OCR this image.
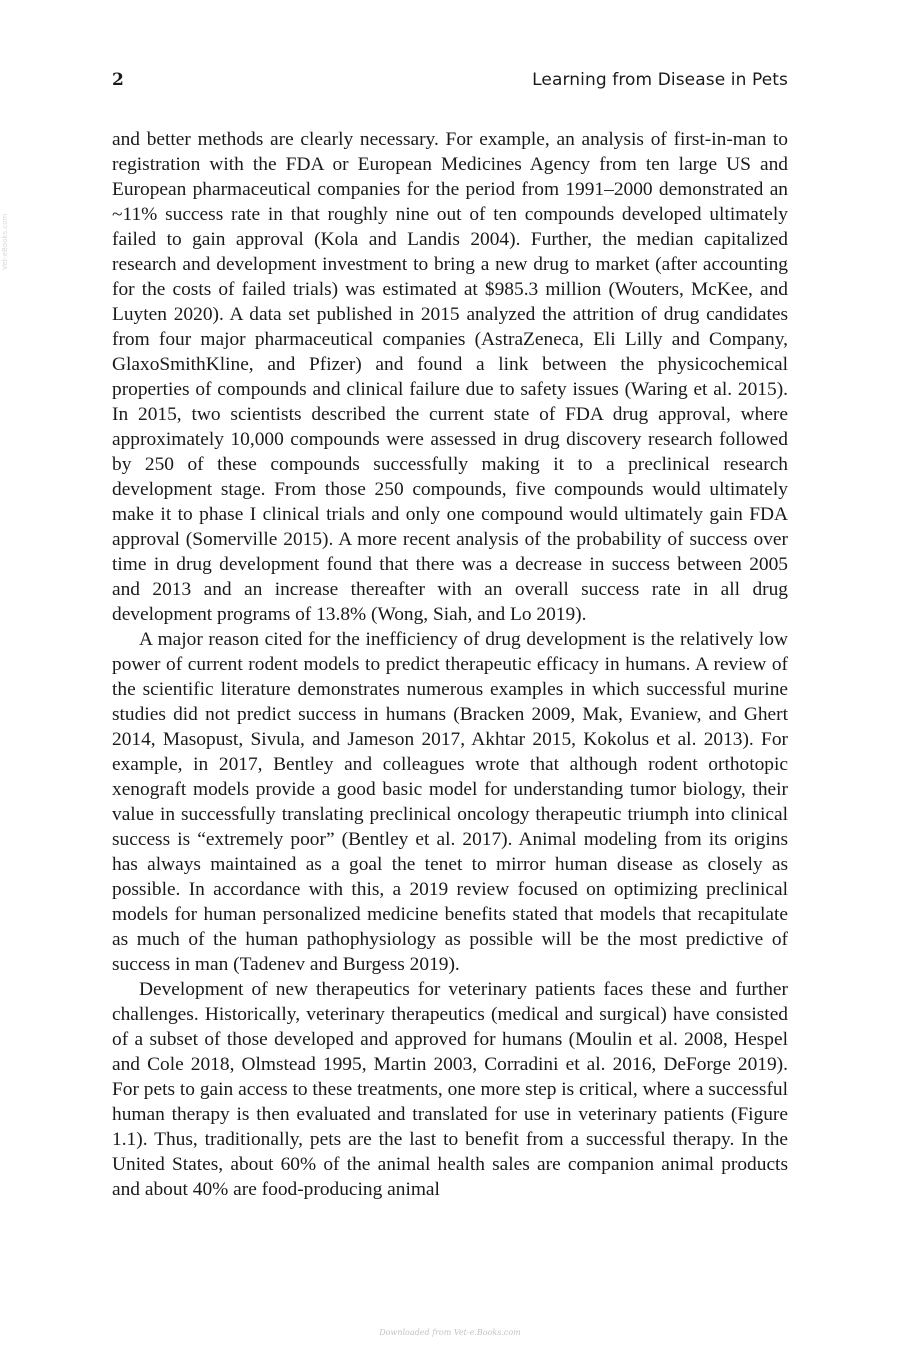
2	Learning from Disease in Pets
Vet-eBooks.com

and better methods are clearly necessary. For example, an analysis of first-in-man to registration with the FDA or European Medicines Agency from ten large US and European pharmaceutical companies for the period from 1991–2000 demonstrated an ~11% success rate in that roughly nine out of ten compounds developed ultimately failed to gain approval (Kola and Landis 2004). Further, the median capitalized research and development investment to bring a new drug to market (after accounting for the costs of failed trials) was estimated at $985.3 million (Wouters, McKee, and Luyten 2020). A data set published in 2015 analyzed the attrition of drug candidates from four major pharmaceutical companies (AstraZeneca, Eli Lilly and Company, GlaxoSmithKline, and Pfizer) and found a link between the physicochemical properties of compounds and clinical failure due to safety issues (Waring et al. 2015). In 2015, two scientists described the current state of FDA drug approval, where approximately 10,000 compounds were assessed in drug discovery research followed by 250 of these compounds successfully making it to a preclinical research development stage. From those 250 compounds, five compounds would ultimately make it to phase I clinical trials and only one compound would ultimately gain FDA approval (Somerville 2015). A more recent analysis of the probability of success over time in drug development found that there was a decrease in success between 2005 and 2013 and an increase thereafter with an overall success rate in all drug development programs of 13.8% (Wong, Siah, and Lo 2019).

A major reason cited for the inefficiency of drug development is the relatively low power of current rodent models to predict therapeutic efficacy in humans. A review of the scientific literature demonstrates numerous examples in which successful murine studies did not predict success in humans (Bracken 2009, Mak, Evaniew, and Ghert 2014, Masopust, Sivula, and Jameson 2017, Akhtar 2015, Kokolus et al. 2013). For example, in 2017, Bentley and colleagues wrote that although rodent orthotopic xenograft models provide a good basic model for understanding tumor biology, their value in successfully translating preclinical oncology therapeutic triumph into clinical success is “extremely poor” (Bentley et al. 2017). Animal modeling from its origins has always maintained as a goal the tenet to mirror human disease as closely as possible. In accordance with this, a 2019 review focused on optimizing preclinical models for human personalized medicine benefits stated that models that recapitulate as much of the human pathophysiology as possible will be the most predictive of success in man (Tadenev and Burgess 2019).

Development of new therapeutics for veterinary patients faces these and further challenges. Historically, veterinary therapeutics (medical and surgical) have consisted of a subset of those developed and approved for humans (Moulin et al. 2008, Hespel and Cole 2018, Olmstead 1995, Martin 2003, Corradini et al. 2016, DeForge 2019). For pets to gain access to these treatments, one more step is critical, where a successful human therapy is then evaluated and translated for use in veterinary patients (Figure 1.1). Thus, traditionally, pets are the last to benefit from a successful therapy. In the United States, about 60% of the animal health sales are companion animal products and about 40% are food-producing animal

Downloaded from Vet-e.Books.com
